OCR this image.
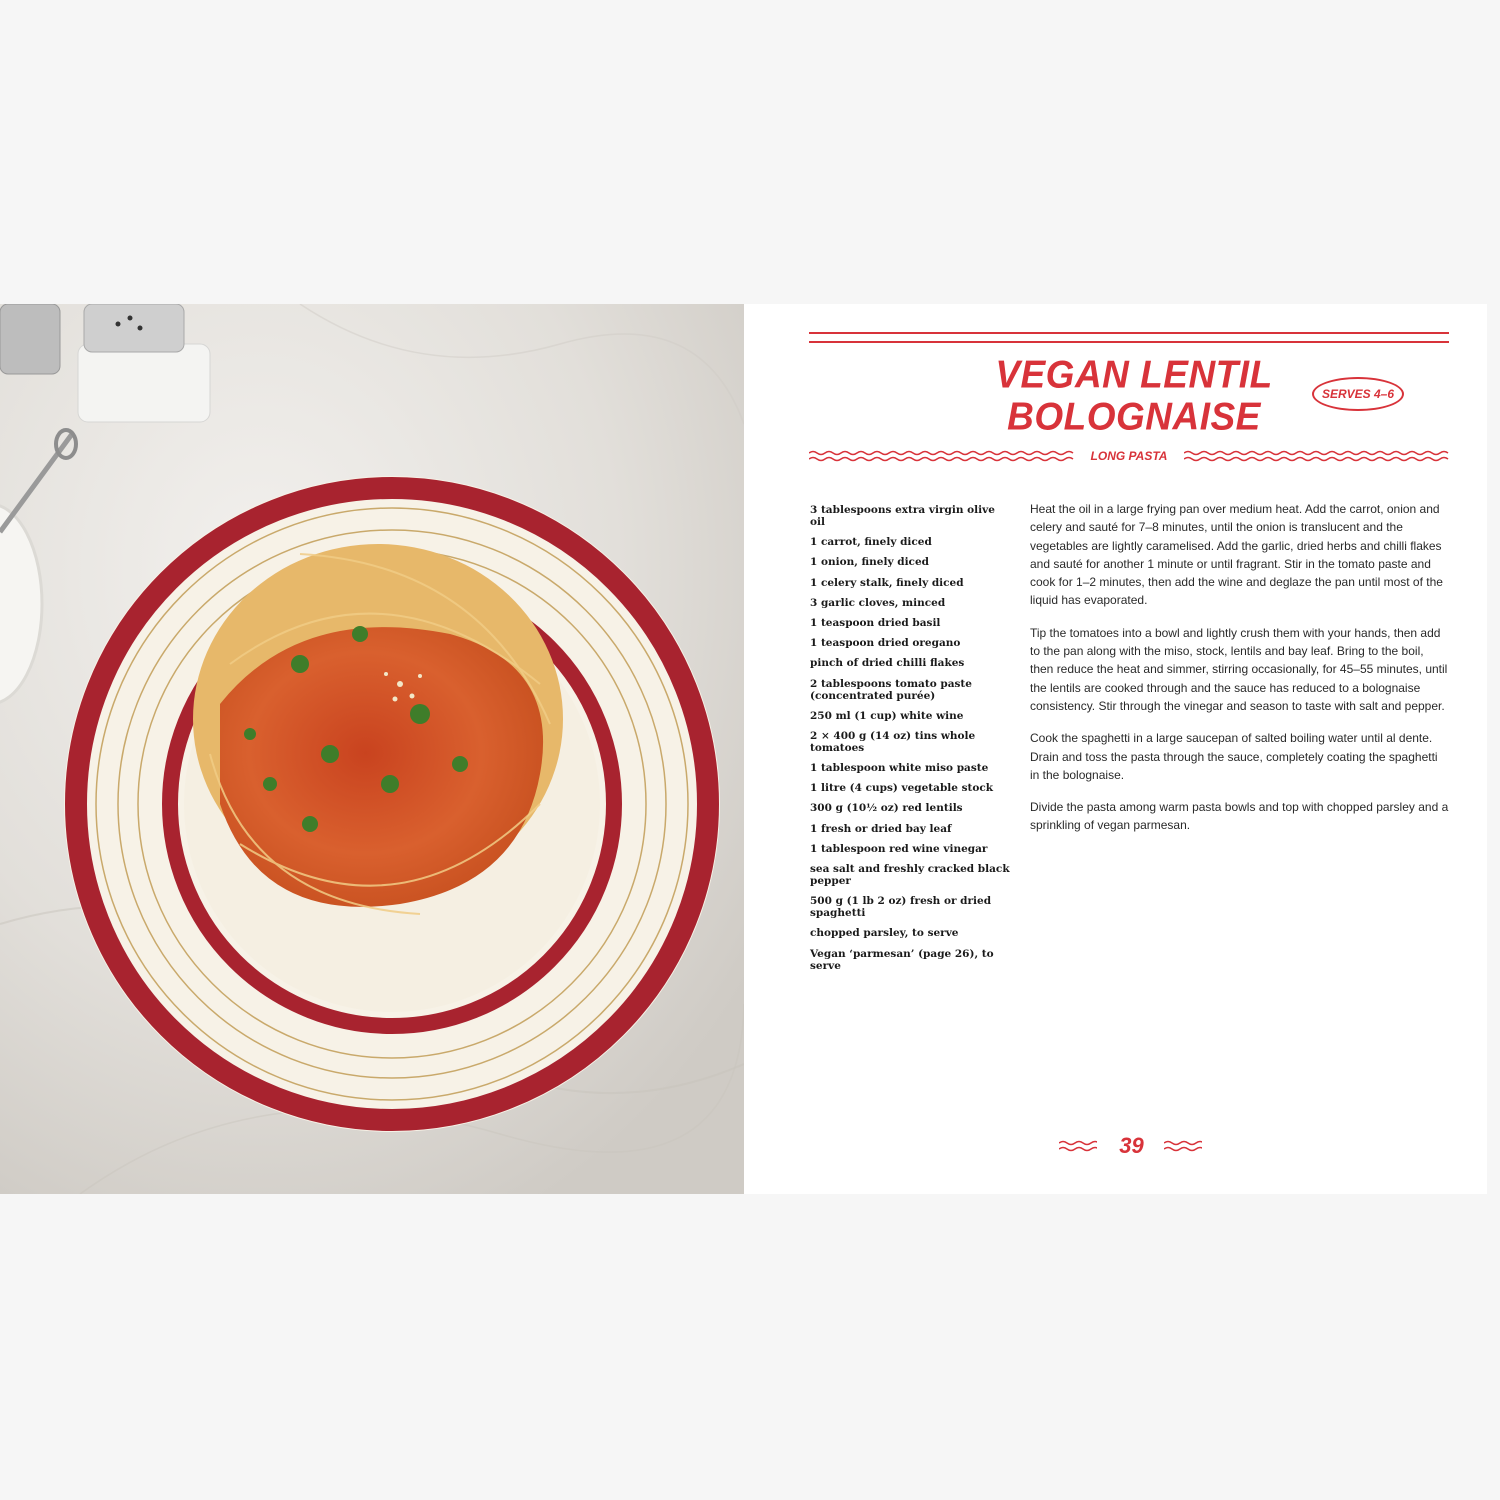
VEGAN LENTIL BOLOGNAISE
SERVES 4–6
LONG PASTA
3 tablespoons extra virgin olive oil
1 carrot, finely diced
1 onion, finely diced
1 celery stalk, finely diced
3 garlic cloves, minced
1 teaspoon dried basil
1 teaspoon dried oregano
pinch of dried chilli flakes
2 tablespoons tomato paste (concentrated purée)
250 ml (1 cup) white wine
2 × 400 g (14 oz) tins whole tomatoes
1 tablespoon white miso paste
1 litre (4 cups) vegetable stock
300 g (10½ oz) red lentils
1 fresh or dried bay leaf
1 tablespoon red wine vinegar
sea salt and freshly cracked black pepper
500 g (1 lb 2 oz) fresh or dried spaghetti
chopped parsley, to serve
Vegan ‘parmesan’ (page 26), to serve

Heat the oil in a large frying pan over medium heat. Add the carrot, onion and celery and sauté for 7–8 minutes, until the onion is translucent and the vegetables are lightly caramelised. Add the garlic, dried herbs and chilli flakes and sauté for another 1 minute or until fragrant. Stir in the tomato paste and cook for 1–2 minutes, then add the wine and deglaze the pan until most of the liquid has evaporated.

Tip the tomatoes into a bowl and lightly crush them with your hands, then add to the pan along with the miso, stock, lentils and bay leaf. Bring to the boil, then reduce the heat and simmer, stirring occasionally, for 45–55 minutes, until the lentils are cooked through and the sauce has reduced to a bolognaise consistency. Stir through the vinegar and season to taste with salt and pepper.

Cook the spaghetti in a large saucepan of salted boiling water until al dente. Drain and toss the pasta through the sauce, completely coating the spaghetti in the bolognaise.

Divide the pasta among warm pasta bowls and top with chopped parsley and a sprinkling of vegan parmesan.

39
